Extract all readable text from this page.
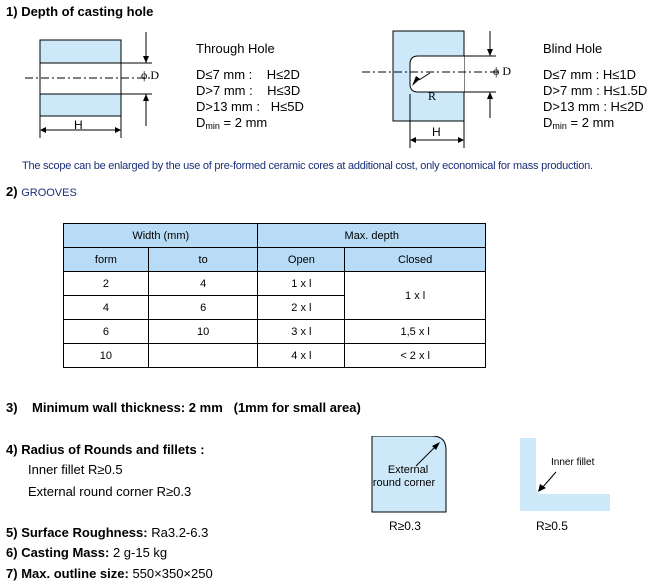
1) Depth of casting hole
H
ϕ D
Through Hole
D≤7 mm :    H≤2D
D>7 mm :    H≤3D
D>13 mm :   H≤5D
$D_{min} = 2$ mm
R
ϕ D
H
Blind Hole
D≤7 mm : H≤1D
D>7 mm : H≤1.5D
D>13 mm : H≤2D
$D_{min} = 2$ mm
The scope can be enlarged by the use of pre-formed ceramic cores at additional cost, only economical for mass production.
2) GROOVES
Width (mm)		Max. depth	
form	to	Open	Closed
2	4	1 x l	1 x l
4	6	2 x l	
6	10	3 x l	1,5 x l
10		4 x l	< 2 x l
3) Minimum wall thickness: 2 mm (1mm for small area)
4) Radius of Rounds and fillets :
Inner fillet R≥0.5
External round corner R≥0.3
External
round corner
R≥0.3
Inner fillet
R≥0.5
5) Surface Roughness: Ra3.2-6.3
6) Casting Mass: 2 g-15 kg
7) Max. outline size: 550×350×250
